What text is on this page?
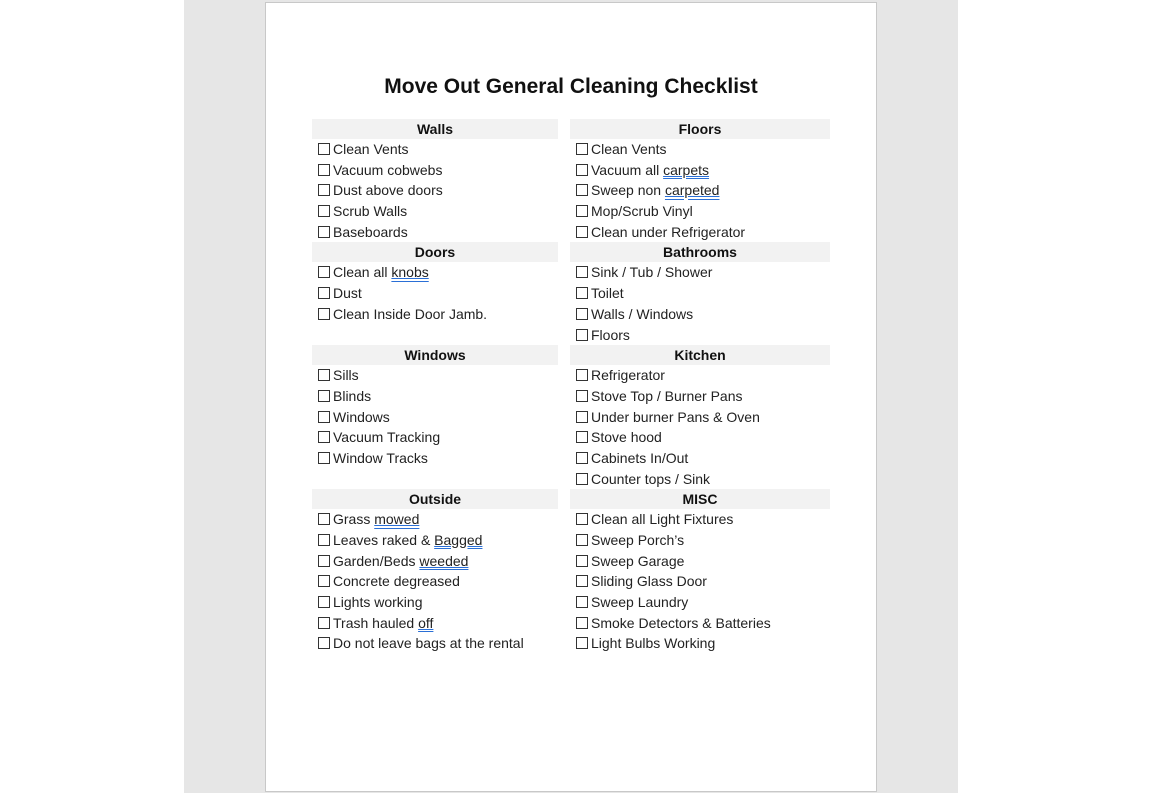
Move Out General Cleaning Checklist
Walls
Clean Vents
Vacuum cobwebs
Dust above doors
Scrub Walls
Baseboards
Doors
Clean all knobs
Dust
Clean Inside Door Jamb.
Windows
Sills
Blinds
Windows
Vacuum Tracking
Window Tracks
Outside
Grass mowed
Leaves raked & Bagged
Garden/Beds weeded
Concrete degreased
Lights working
Trash hauled off
Do not leave bags at the rental
Floors
Clean Vents
Vacuum all carpets
Sweep non carpeted
Mop/Scrub Vinyl
Clean under Refrigerator
Bathrooms
Sink / Tub / Shower
Toilet
Walls / Windows
Floors
Kitchen
Refrigerator
Stove Top / Burner Pans
Under burner Pans & Oven
Stove hood
Cabinets In/Out
Counter tops / Sink
MISC
Clean all Light Fixtures
Sweep Porch’s
Sweep Garage
Sliding Glass Door
Sweep Laundry
Smoke Detectors & Batteries
Light Bulbs Working
